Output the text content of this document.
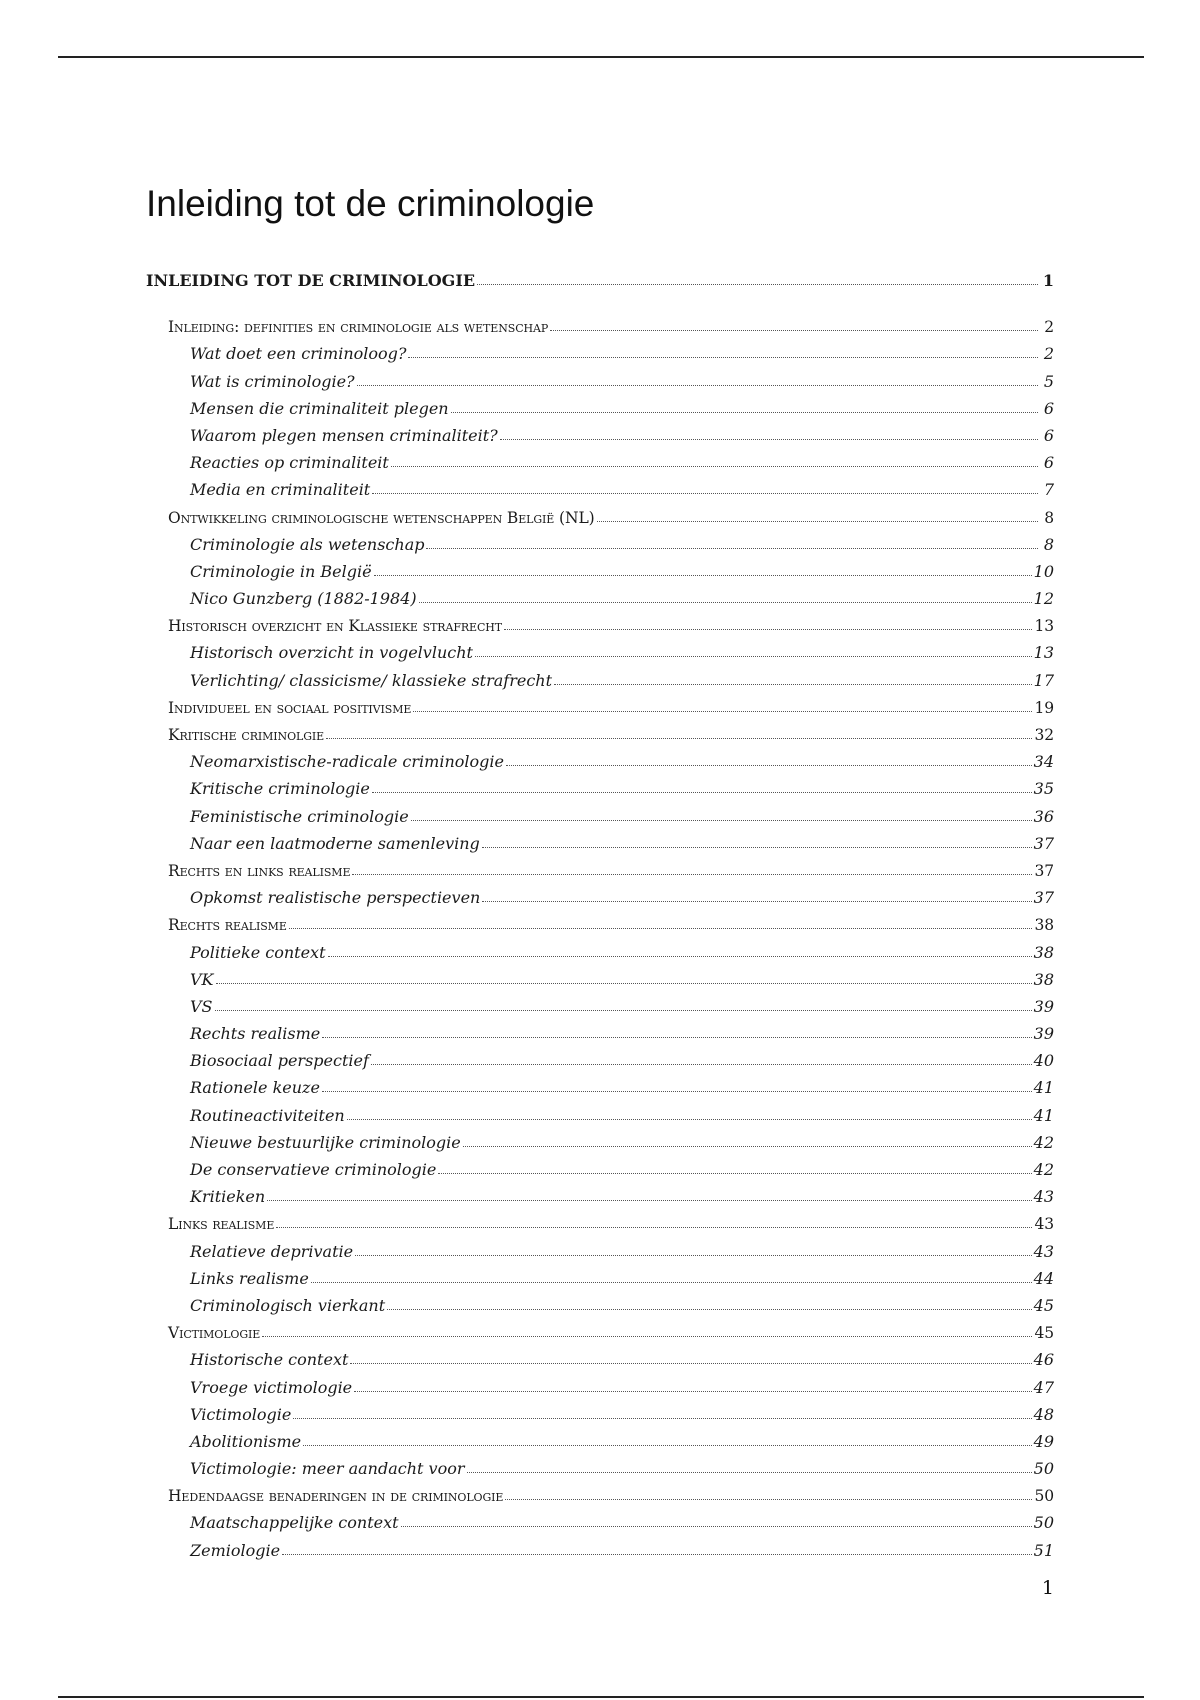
Inleiding tot de criminologie
INLEIDING TOT DE CRIMINOLOGIE	1
Inleiding: definities en criminologie als wetenschap	2
Wat doet een criminoloog?	2
Wat is criminologie?	5
Mensen die criminaliteit plegen	6
Waarom plegen mensen criminaliteit?	6
Reacties op criminaliteit	6
Media en criminaliteit	7
Ontwikkeling criminologische wetenschappen België (NL)	8
Criminologie als wetenschap	8
Criminologie in België	10
Nico Gunzberg (1882-1984)	12
Historisch overzicht en Klassieke strafrecht	13
Historisch overzicht in vogelvlucht	13
Verlichting/ classicisme/ klassieke strafrecht	17
Individueel en sociaal positivisme	19
Kritische criminolgie	32
Neomarxistische-radicale criminologie	34
Kritische criminologie	35
Feministische criminologie	36
Naar een laatmoderne samenleving	37
Rechts en links realisme	37
Opkomst realistische perspectieven	37
Rechts realisme	38
Politieke context	38
VK	38
VS	39
Rechts realisme	39
Biosociaal perspectief	40
Rationele keuze	41
Routineactiviteiten	41
Nieuwe bestuurlijke criminologie	42
De conservatieve criminologie	42
Kritieken	43
Links realisme	43
Relatieve deprivatie	43
Links realisme	44
Criminologisch vierkant	45
Victimologie	45
Historische context	46
Vroege victimologie	47
Victimologie	48
Abolitionisme	49
Victimologie: meer aandacht voor	50
Hedendaagse benaderingen in de criminologie	50
Maatschappelijke context	50
Zemiologie	51
1
